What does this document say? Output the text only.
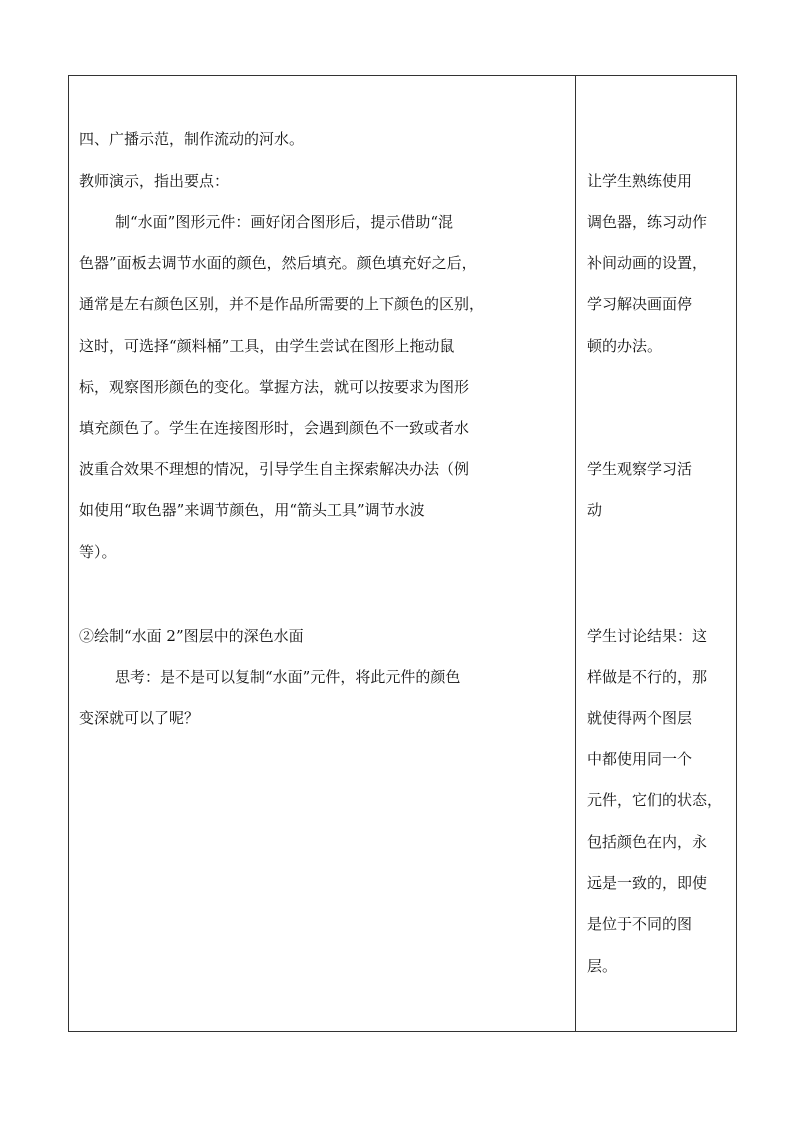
四、广播示范，制作流动的河水。
教师演示，指出要点：
制“水面”图形元件：画好闭合图形后，提示借助“混
色器”面板去调节水面的颜色，然后填充。颜色填充好之后，
通常是左右颜色区别，并不是作品所需要的上下颜色的区别，
这时，可选择“颜料桶”工具，由学生尝试在图形上拖动鼠
标，观察图形颜色的变化。掌握方法，就可以按要求为图形
填充颜色了。学生在连接图形时，会遇到颜色不一致或者水
波重合效果不理想的情况，引导学生自主探索解决办法（例
如使用“取色器”来调节颜色，用“箭头工具”调节水波
等）。
②绘制“水面 2”图层中的深色水面
思考：是不是可以复制“水面”元件，将此元件的颜色
变深就可以了呢？
让学生熟练使用
调色器，练习动作
补间动画的设置，
学习解决画面停
顿的办法。
学生观察学习活
动
学生讨论结果：这
样做是不行的，那
就使得两个图层
中都使用同一个
元件，它们的状态，
包括颜色在内，永
远是一致的，即使
是位于不同的图
层。
